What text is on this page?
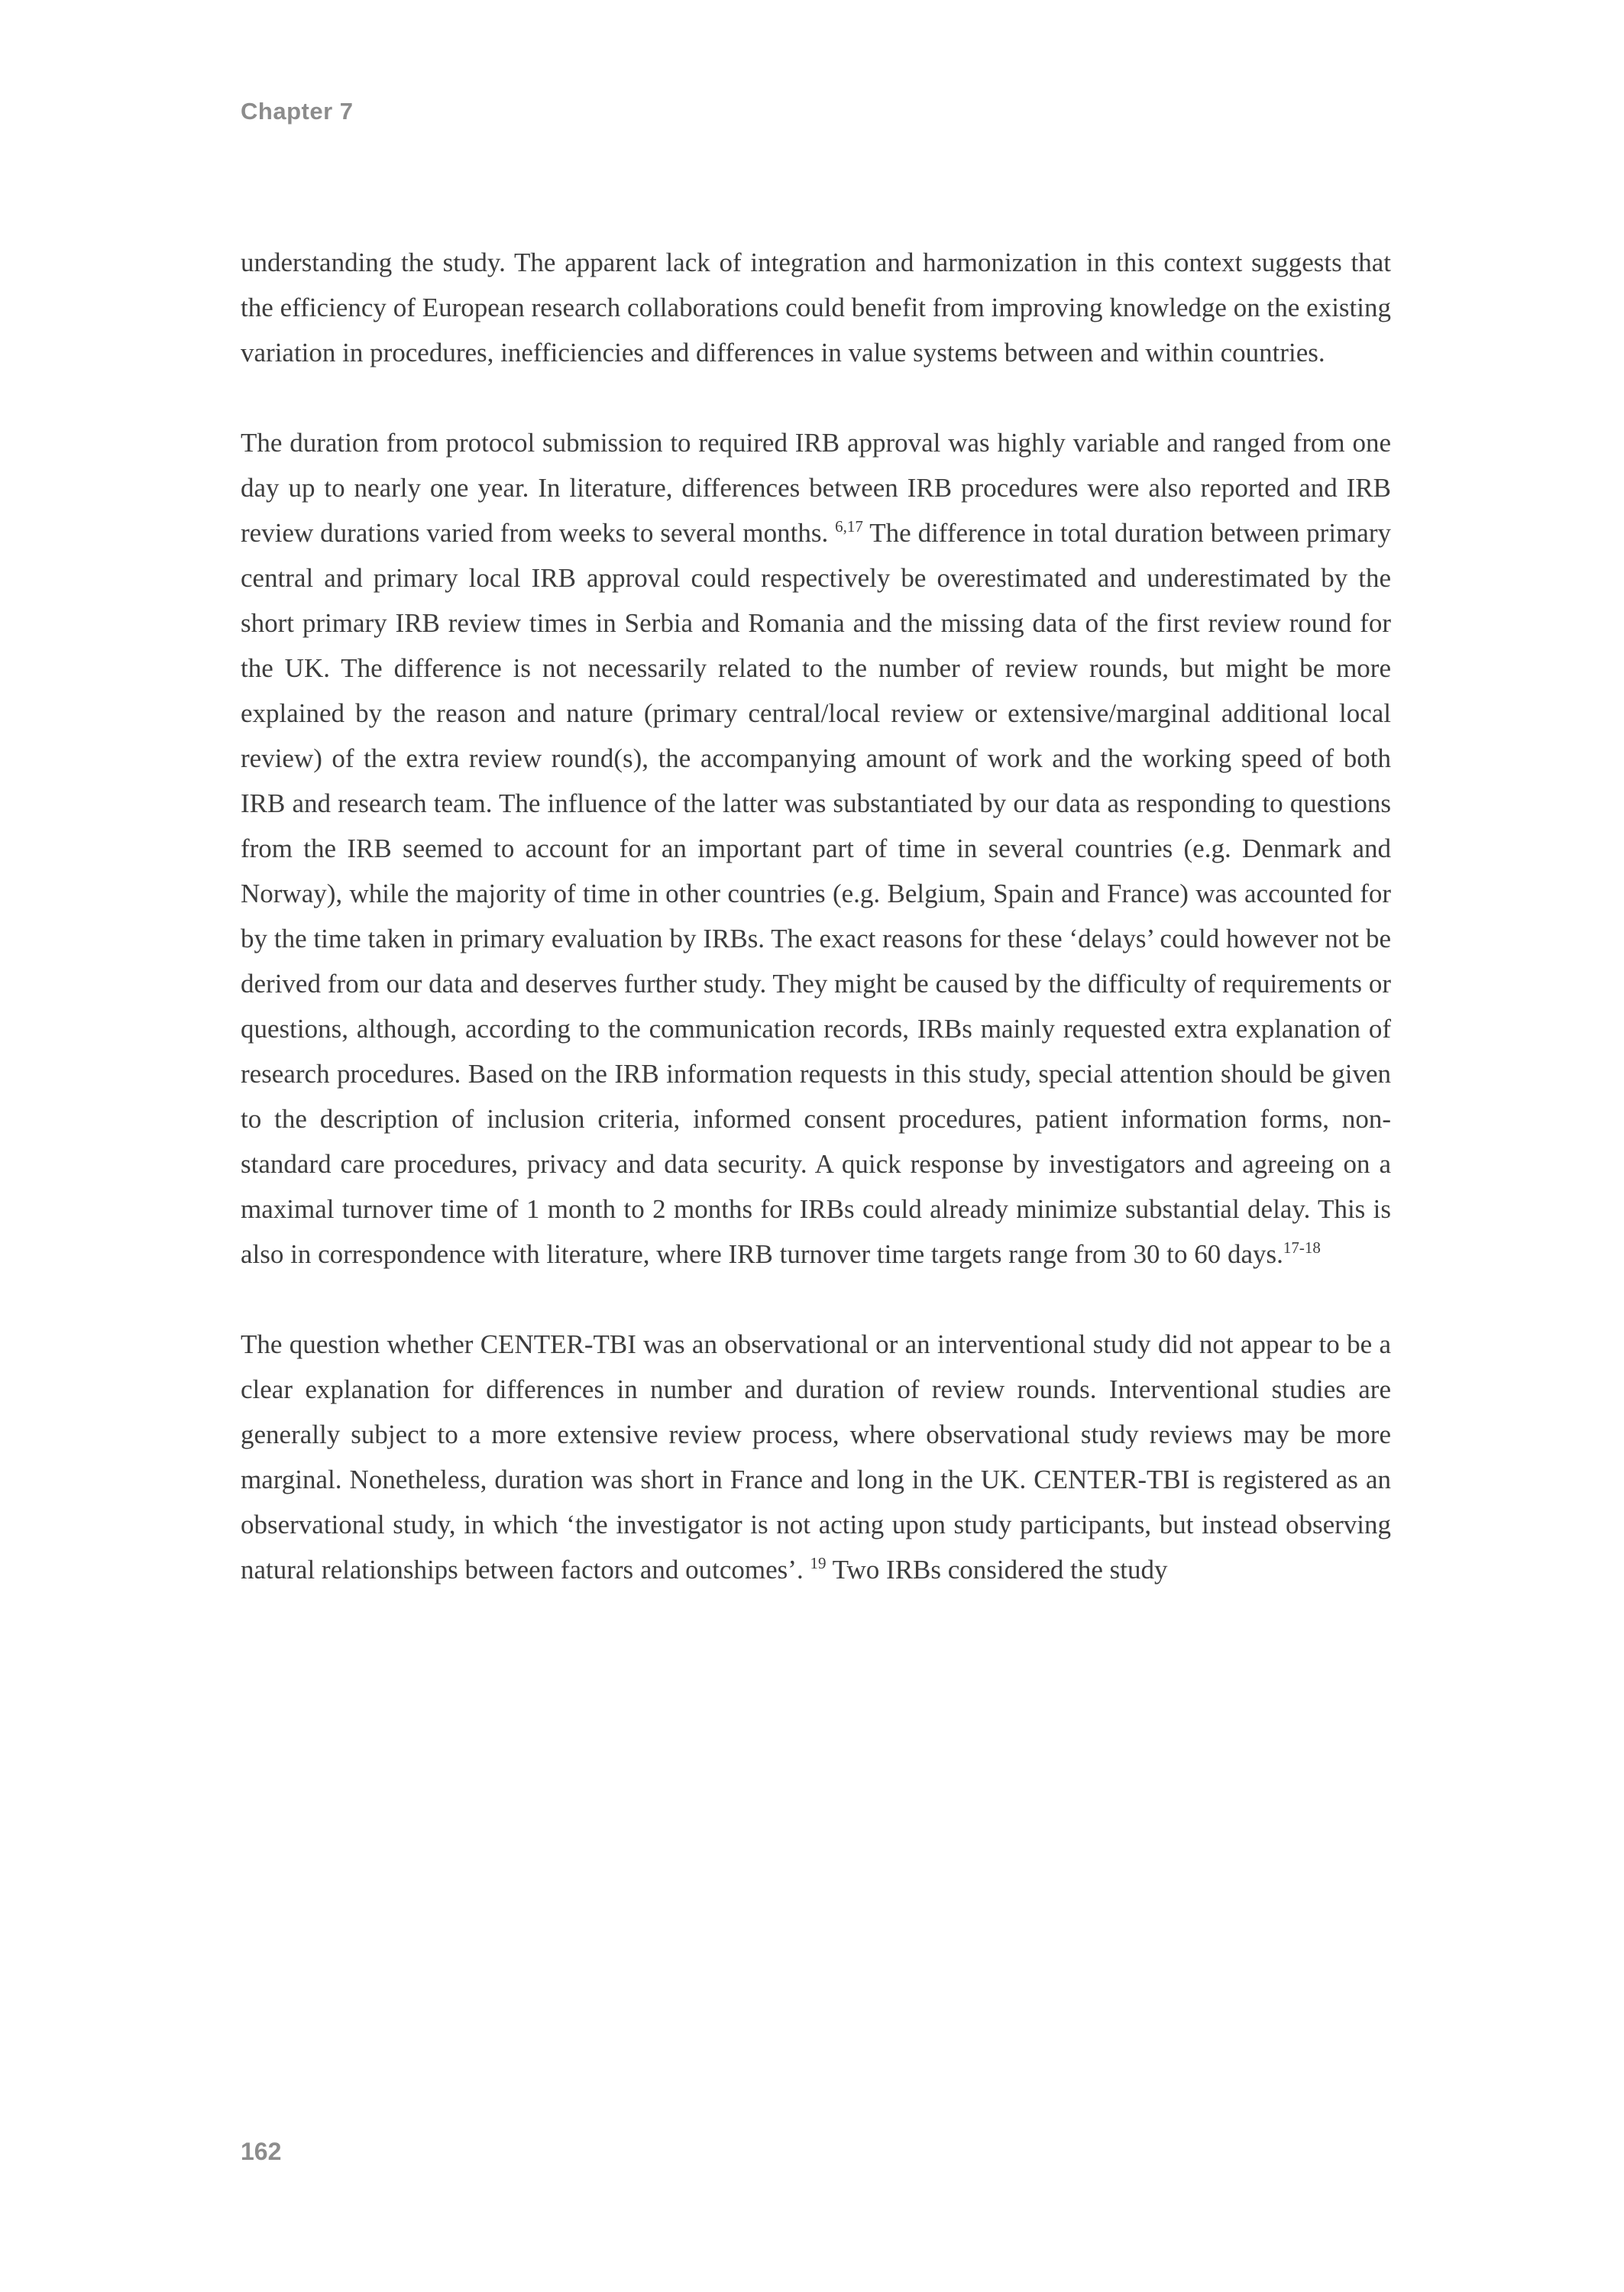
Chapter 7

understanding the study. The apparent lack of integration and harmonization in this context suggests that the efficiency of European research collaborations could benefit from improving knowledge on the existing variation in procedures, inefficiencies and differences in value systems between and within countries.

The duration from protocol submission to required IRB approval was highly variable and ranged from one day up to nearly one year. In literature, differences between IRB procedures were also reported and IRB review durations varied from weeks to several months. $^{6,17}$ The difference in total duration between primary central and primary local IRB approval could respectively be overestimated and underestimated by the short primary IRB review times in Serbia and Romania and the missing data of the first review round for the UK. The difference is not necessarily related to the number of review rounds, but might be more explained by the reason and nature (primary central/local review or extensive/marginal additional local review) of the extra review round(s), the accompanying amount of work and the working speed of both IRB and research team. The influence of the latter was substantiated by our data as responding to questions from the IRB seemed to account for an important part of time in several countries (e.g. Denmark and Norway), while the majority of time in other countries (e.g. Belgium, Spain and France) was accounted for by the time taken in primary evaluation by IRBs. The exact reasons for these ‘delays’ could however not be derived from our data and deserves further study. They might be caused by the difficulty of requirements or questions, although, according to the communication records, IRBs mainly requested extra explanation of research procedures. Based on the IRB information requests in this study, special attention should be given to the description of inclusion criteria, informed consent procedures, patient information forms, non-standard care procedures, privacy and data security. A quick response by investigators and agreeing on a maximal turnover time of 1 month to 2 months for IRBs could already minimize substantial delay. This is also in correspondence with literature, where IRB turnover time targets range from 30 to 60 days.$^{17-18}$

The question whether CENTER-TBI was an observational or an interventional study did not appear to be a clear explanation for differences in number and duration of review rounds. Interventional studies are generally subject to a more extensive review process, where observational study reviews may be more marginal. Nonetheless, duration was short in France and long in the UK. CENTER-TBI is registered as an observational study, in which ‘the investigator is not acting upon study participants, but instead observing natural relationships between factors and outcomes’. $^{19}$ Two IRBs considered the study

162
